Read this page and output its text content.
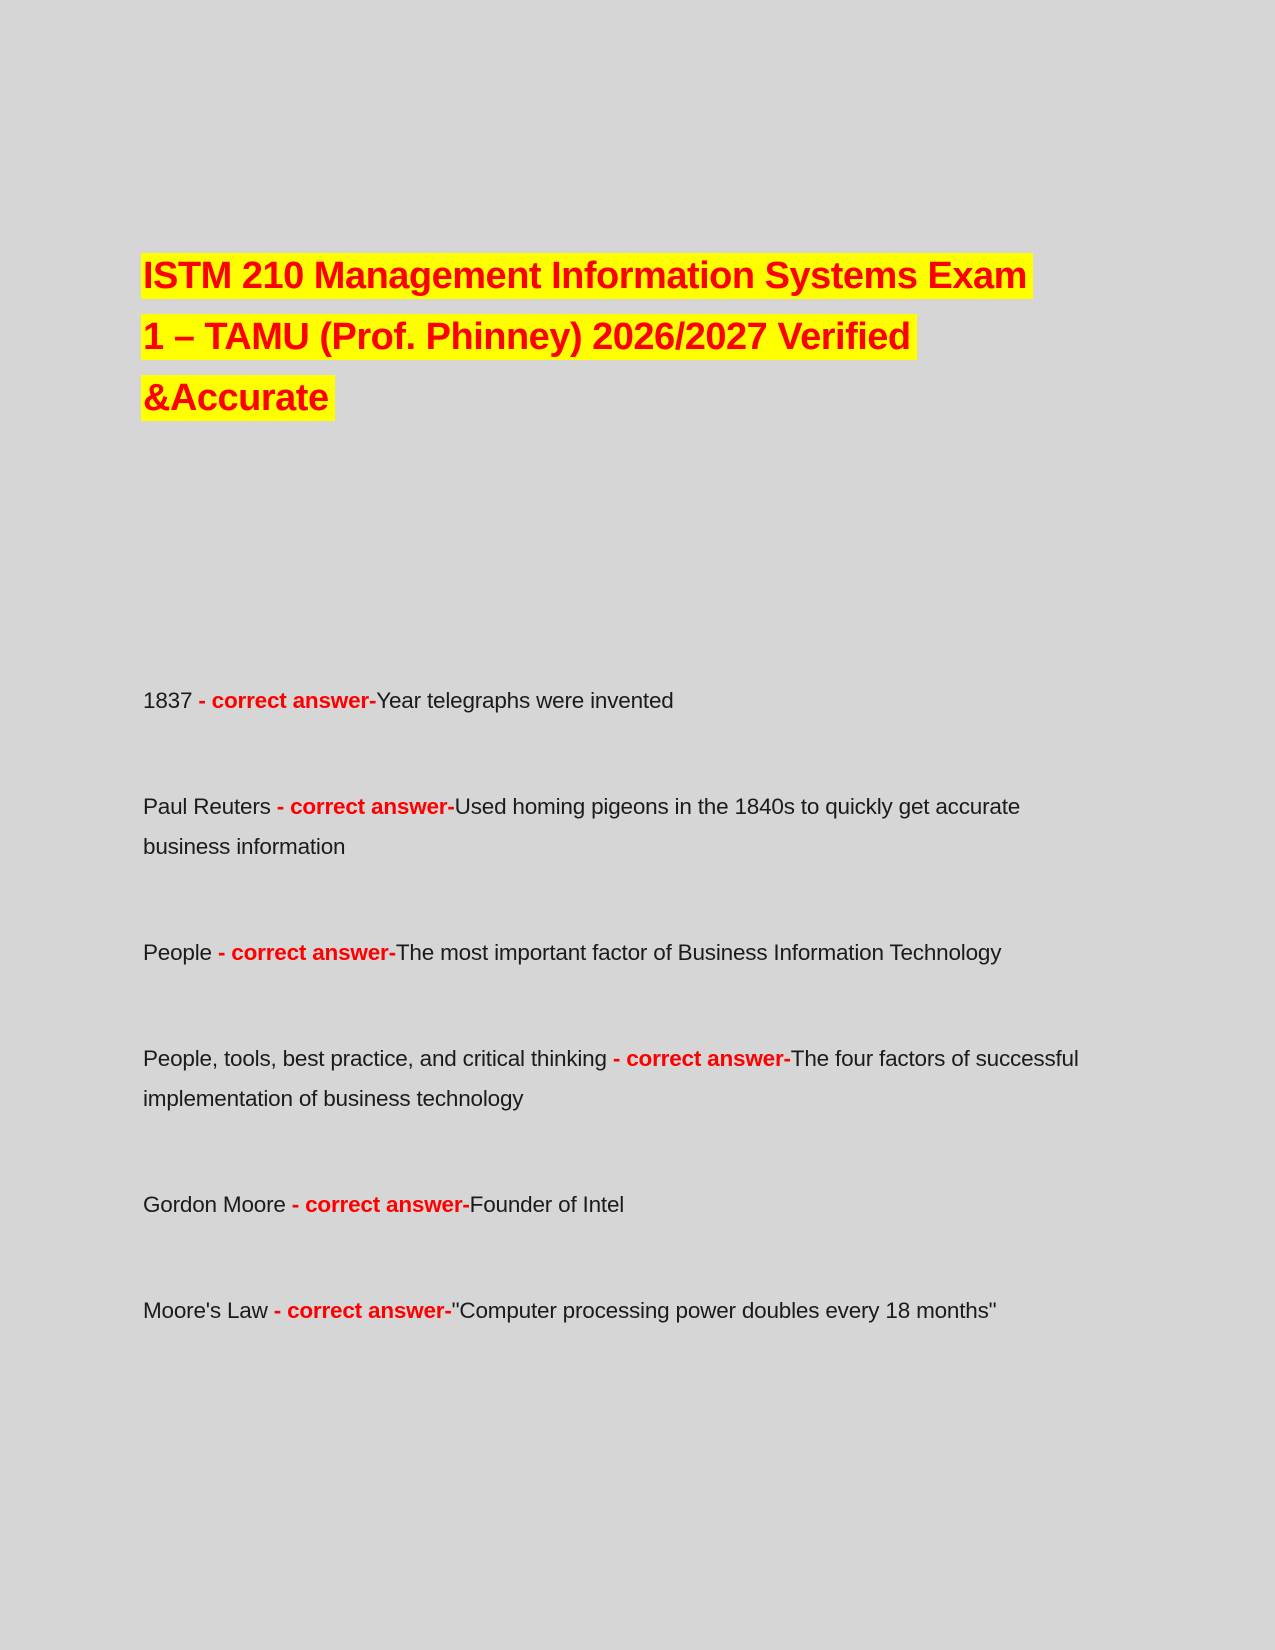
ISTM 210 Management Information Systems Exam
1 – TAMU (Prof. Phinney) 2026/2027 Verified
&Accurate

1837 - correct answer-Year telegraphs were invented

Paul Reuters - correct answer-Used homing pigeons in the 1840s to quickly get accurate business information

People - correct answer-The most important factor of Business Information Technology

People, tools, best practice, and critical thinking - correct answer-The four factors of successful implementation of business technology

Gordon Moore - correct answer-Founder of Intel

Moore's Law - correct answer-"Computer processing power doubles every 18 months"
